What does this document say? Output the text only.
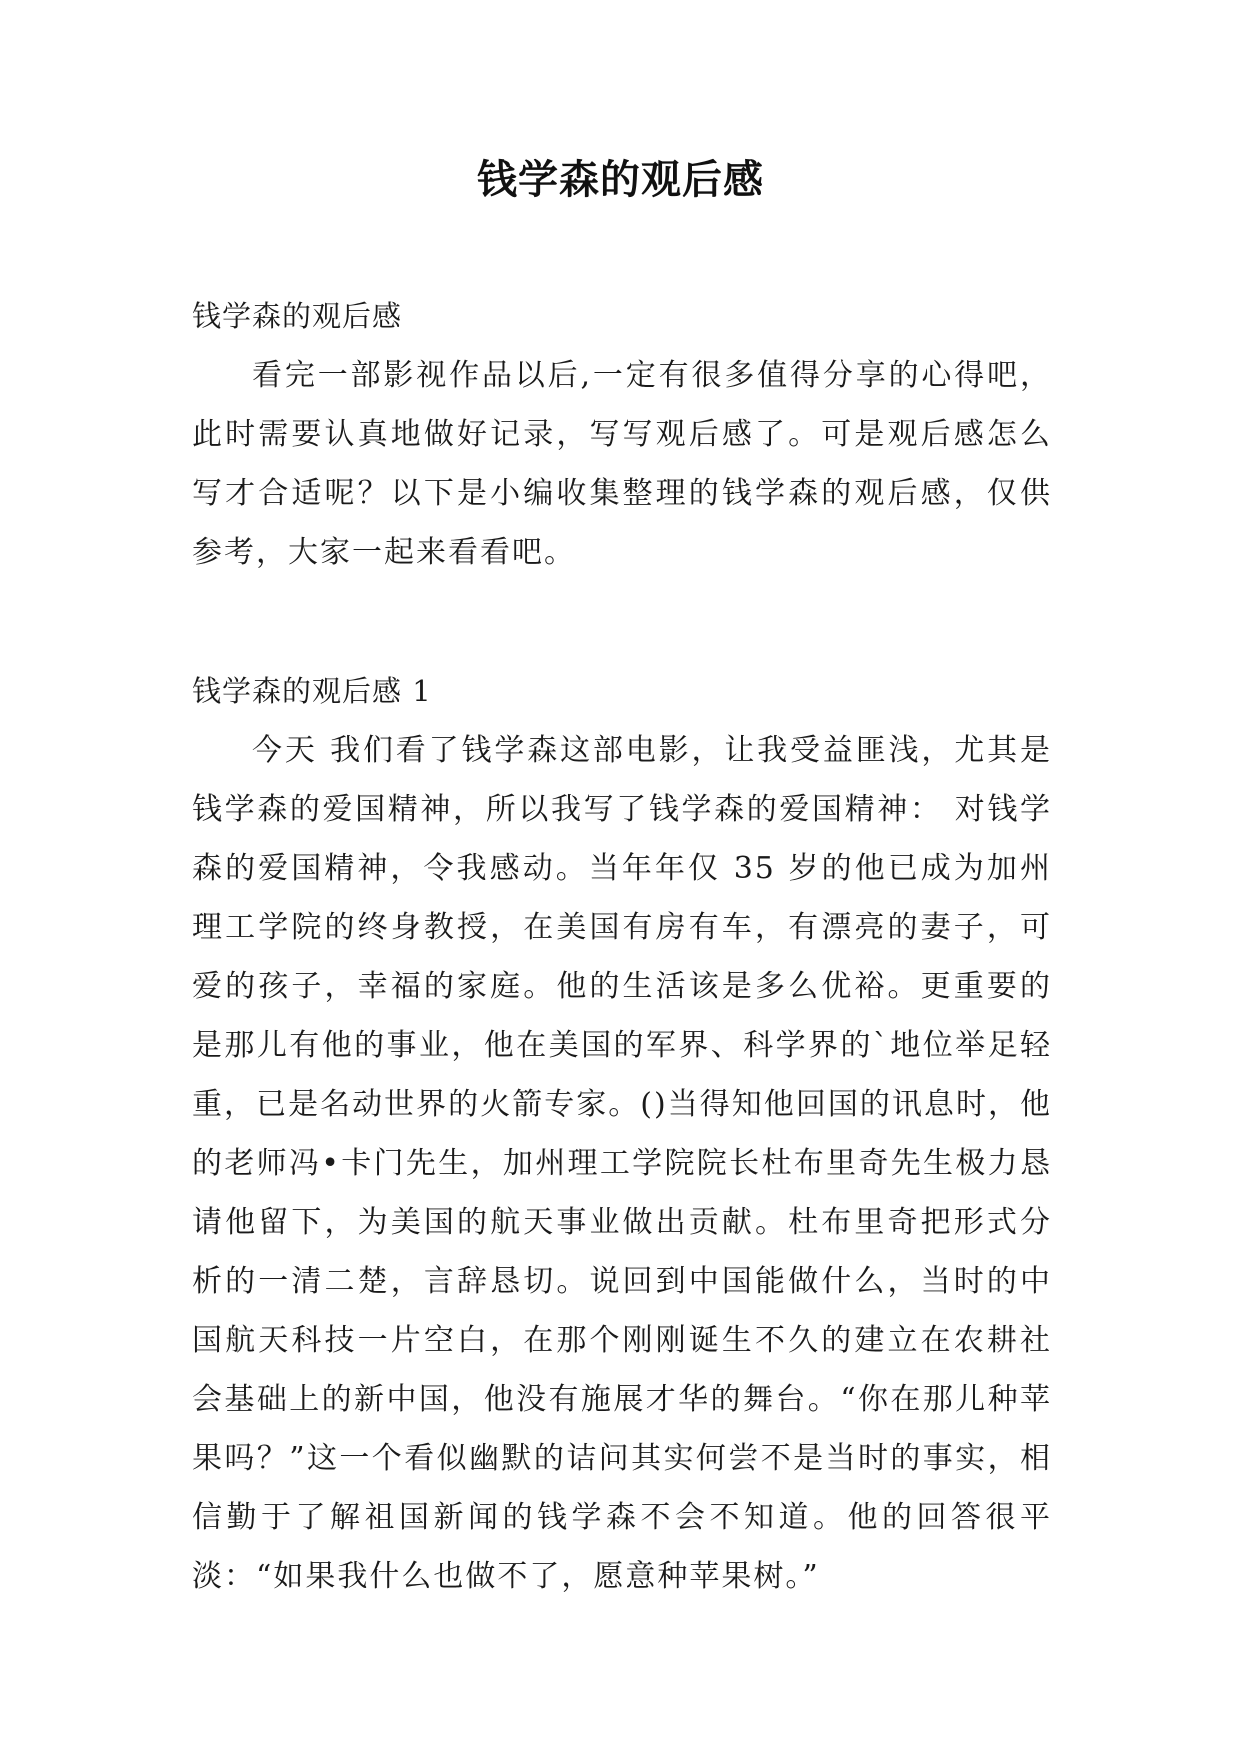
钱学森的观后感

钱学森的观后感

看完一部影视作品以后,一定有很多值得分享的心得吧，此时需要认真地做好记录，写写观后感了。可是观后感怎么写才合适呢？以下是小编收集整理的钱学森的观后感，仅供参考，大家一起来看看吧。

钱学森的观后感 1

今天 我们看了钱学森这部电影，让我受益匪浅，尤其是钱学森的爱国精神，所以我写了钱学森的爱国精神： 对钱学森的爱国精神，令我感动。当年年仅 35 岁的他已成为加州理工学院的终身教授，在美国有房有车，有漂亮的妻子，可爱的孩子，幸福的家庭。他的生活该是多么优裕。更重要的是那儿有他的事业，他在美国的军界、科学界的`地位举足轻重，已是名动世界的火箭专家。()当得知他回国的讯息时，他的老师冯•卡门先生，加州理工学院院长杜布里奇先生极力恳请他留下，为美国的航天事业做出贡献。杜布里奇把形式分析的一清二楚，言辞恳切。说回到中国能做什么，当时的中国航天科技一片空白，在那个刚刚诞生不久的建立在农耕社会基础上的新中国，他没有施展才华的舞台。“你在那儿种苹果吗？”这一个看似幽默的诘问其实何尝不是当时的事实，相信勤于了解祖国新闻的钱学森不会不知道。他的回答很平淡：“如果我什么也做不了，愿意种苹果树。”
